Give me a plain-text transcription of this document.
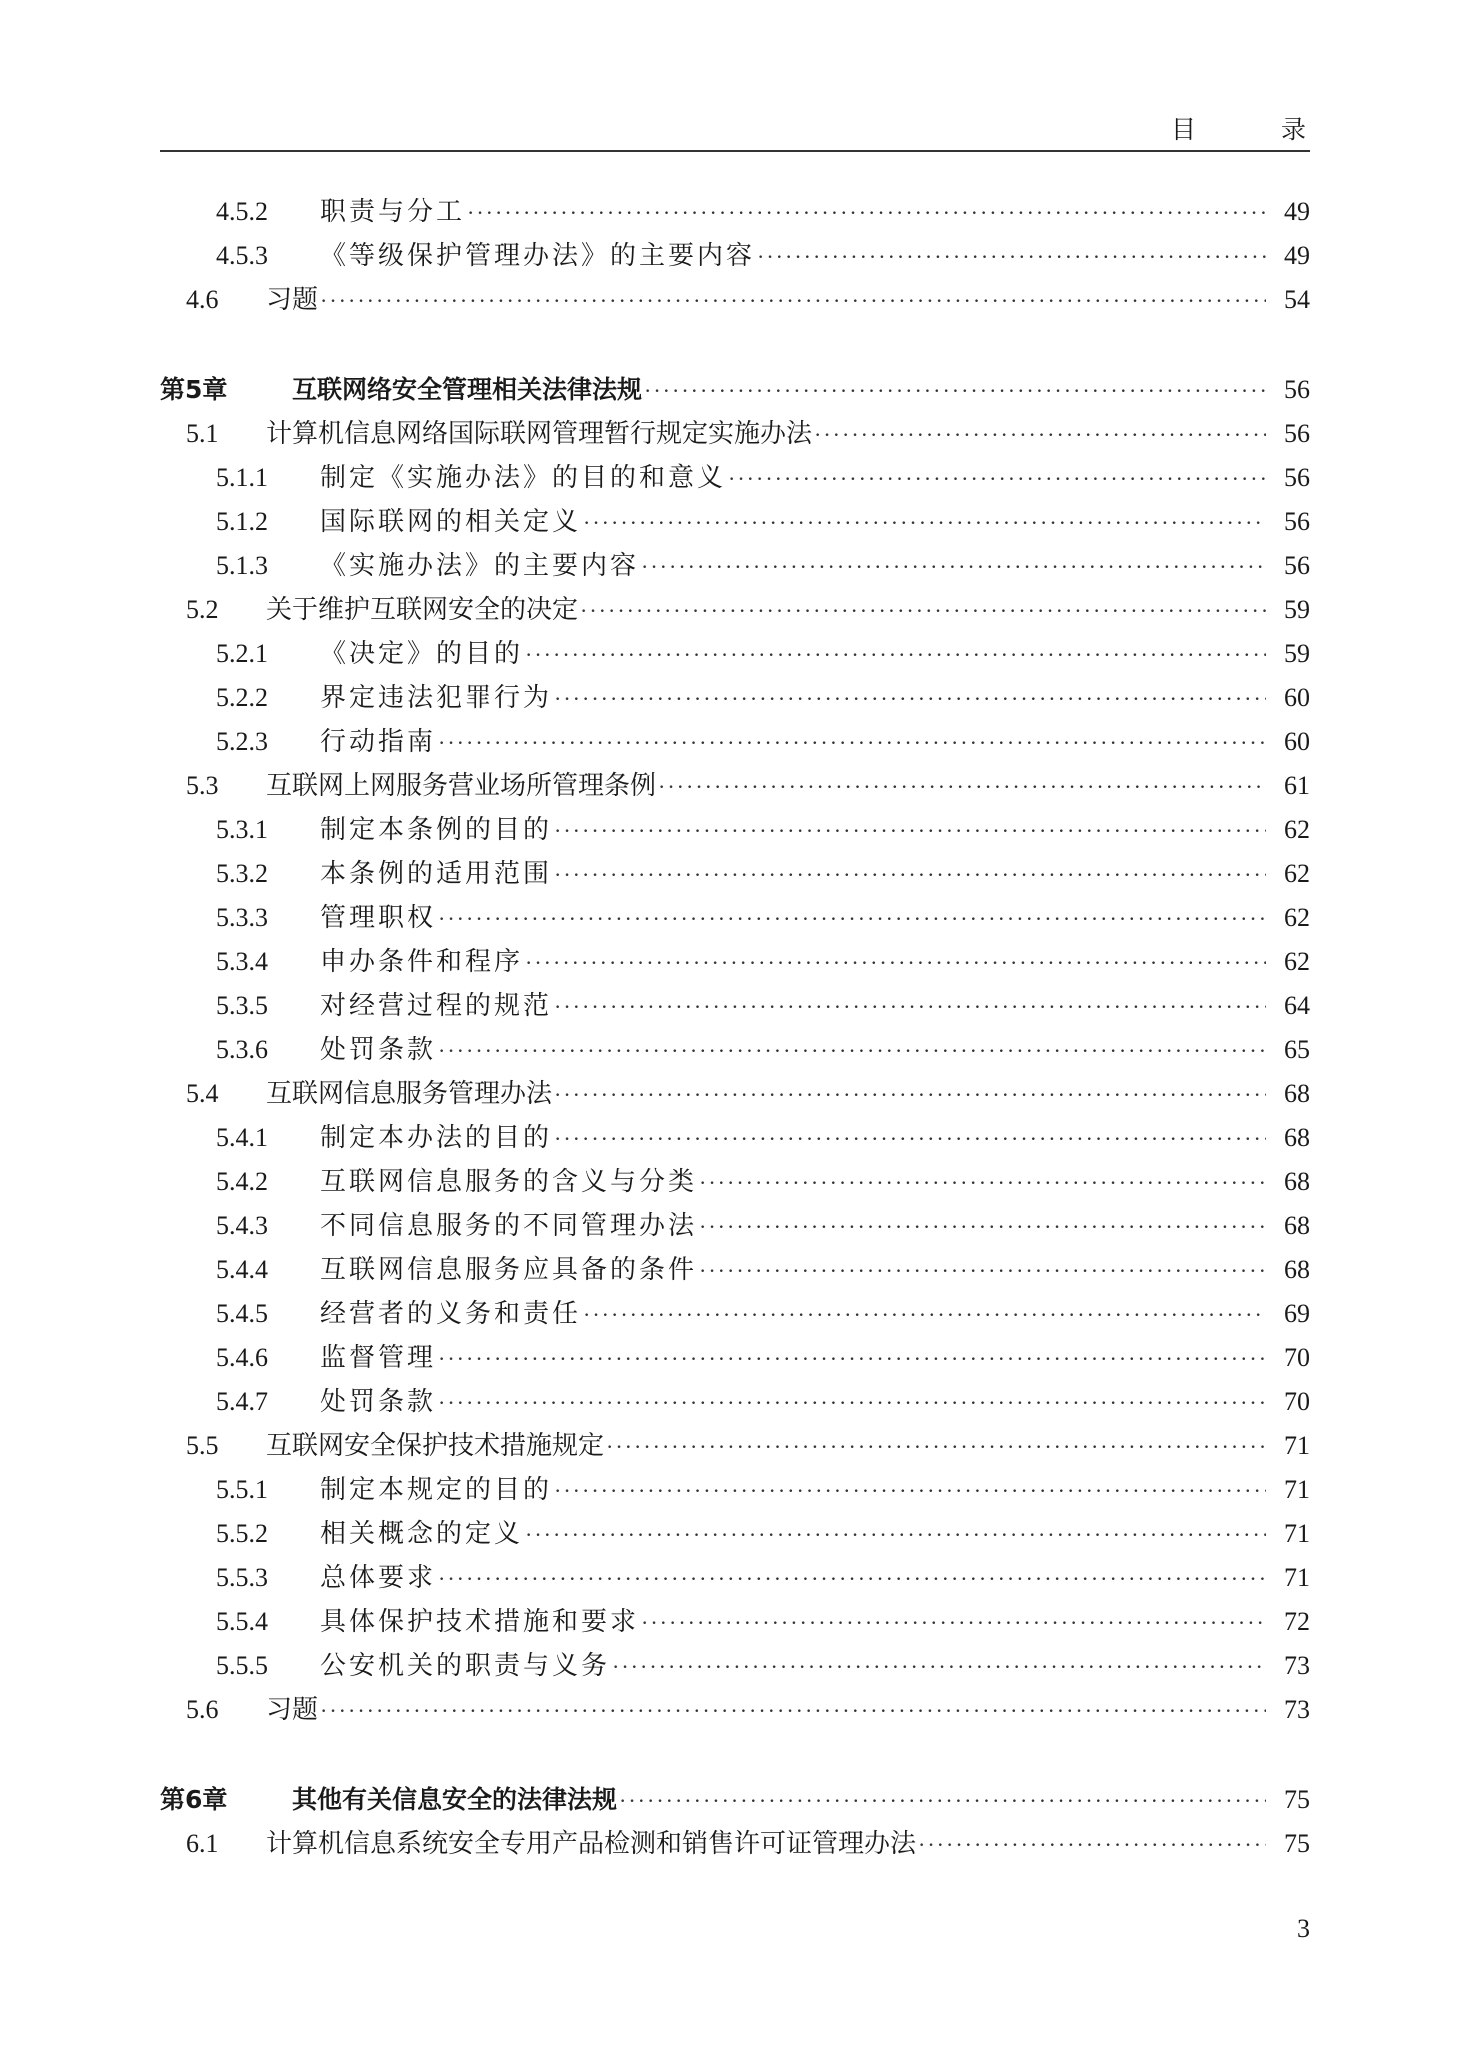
目　录
4.5.2	职责与分工 ·····	49
4.5.3	《等级保护管理办法》的主要内容 ·····	49
4.6	习题 ·····	54
第5章	互联网络安全管理相关法律法规 ·····	56
5.1	计算机信息网络国际联网管理暂行规定实施办法 ·····	56
5.1.1	制定《实施办法》的目的和意义 ·····	56
5.1.2	国际联网的相关定义 ·····	56
5.1.3	《实施办法》的主要内容 ·····	56
5.2	关于维护互联网安全的决定 ·····	59
5.2.1	《决定》的目的 ·····	59
5.2.2	界定违法犯罪行为 ·····	60
5.2.3	行动指南 ·····	60
5.3	互联网上网服务营业场所管理条例 ·····	61
5.3.1	制定本条例的目的 ·····	62
5.3.2	本条例的适用范围 ·····	62
5.3.3	管理职权 ·····	62
5.3.4	申办条件和程序 ·····	62
5.3.5	对经营过程的规范 ·····	64
5.3.6	处罚条款 ·····	65
5.4	互联网信息服务管理办法 ·····	68
5.4.1	制定本办法的目的 ·····	68
5.4.2	互联网信息服务的含义与分类 ·····	68
5.4.3	不同信息服务的不同管理办法 ·····	68
5.4.4	互联网信息服务应具备的条件 ·····	68
5.4.5	经营者的义务和责任 ·····	69
5.4.6	监督管理 ·····	70
5.4.7	处罚条款 ·····	70
5.5	互联网安全保护技术措施规定 ·····	71
5.5.1	制定本规定的目的 ·····	71
5.5.2	相关概念的定义 ·····	71
5.5.3	总体要求 ·····	71
5.5.4	具体保护技术措施和要求 ·····	72
5.5.5	公安机关的职责与义务 ·····	73
5.6	习题 ·····	73
第6章	其他有关信息安全的法律法规 ·····	75
6.1	计算机信息系统安全专用产品检测和销售许可证管理办法 ·····	75
3
